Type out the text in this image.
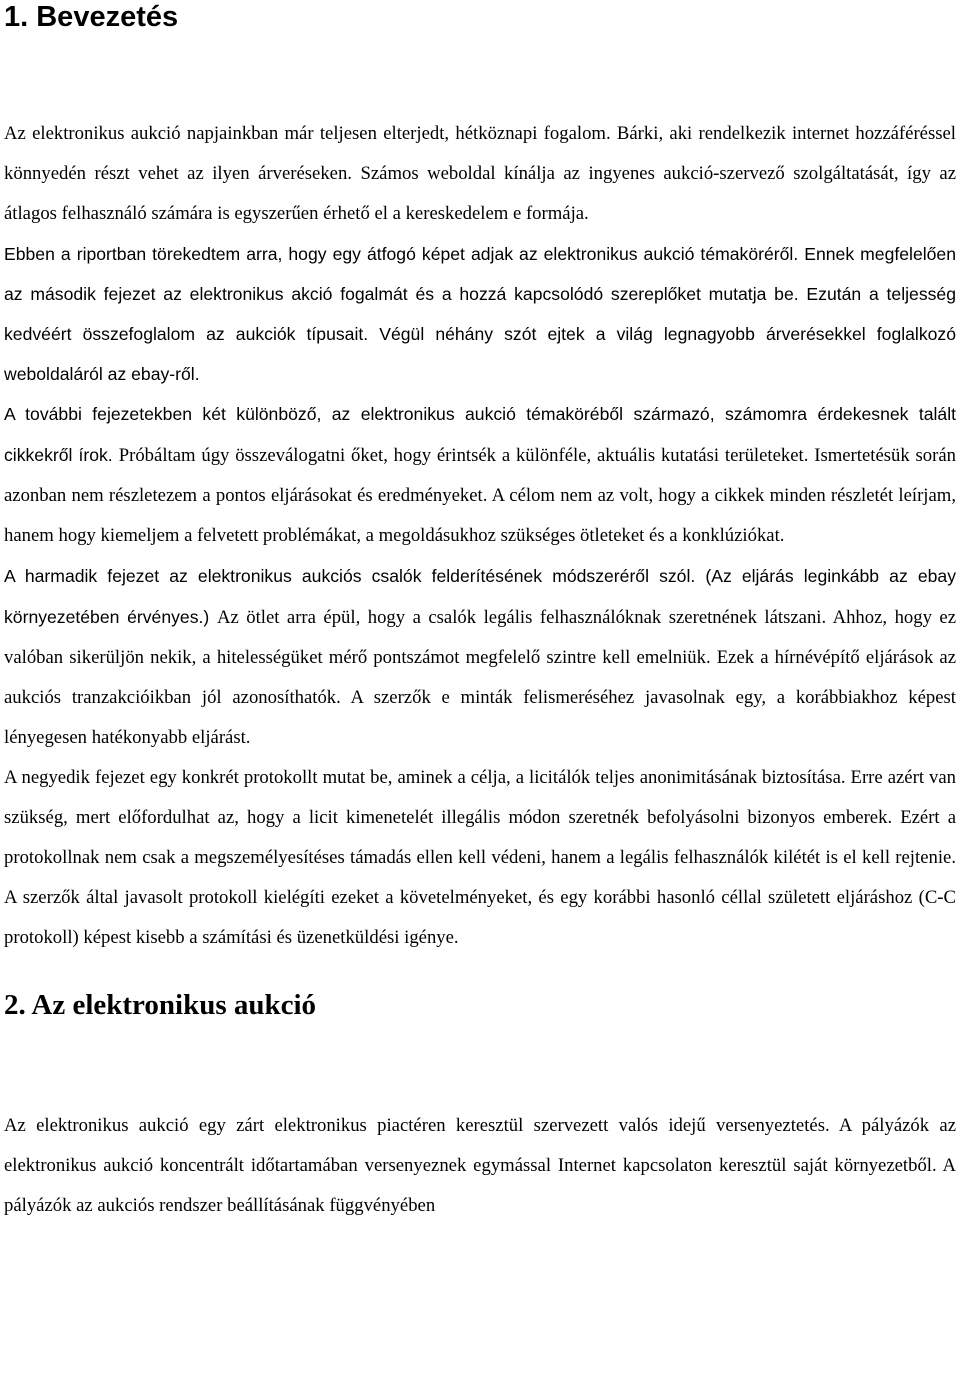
1. Bevezetés

Az elektronikus aukció napjainkban már teljesen elterjedt, hétköznapi fogalom. Bárki, aki rendelkezik internet hozzáféréssel könnyedén részt vehet az ilyen árveréseken. Számos weboldal kínálja az ingyenes aukció-szervező szolgáltatását, így az átlagos felhasználó számára is egyszerűen érhető el a kereskedelem e formája.

Ebben a riportban törekedtem arra, hogy egy átfogó képet adjak az elektronikus aukció témaköréről. Ennek megfelelően az második fejezet az elektronikus akció fogalmát és a hozzá kapcsolódó szereplőket mutatja be. Ezután a teljesség kedvéért összefoglalom az aukciók típusait. Végül néhány szót ejtek a világ legnagyobb árverésekkel foglalkozó weboldaláról az ebay-ről.

A további fejezetekben két különböző, az elektronikus aukció témaköréből származó, számomra érdekesnek talált cikkekről írok. Próbáltam úgy összeválogatni őket, hogy érintsék a különféle, aktuális kutatási területeket. Ismertetésük során azonban nem részletezem a pontos eljárásokat és eredményeket. A célom nem az volt, hogy a cikkek minden részletét leírjam, hanem hogy kiemeljem a felvetett problémákat, a megoldásukhoz szükséges ötleteket és a konklúziókat.

A harmadik fejezet az elektronikus aukciós csalók felderítésének módszeréről szól. (Az eljárás leginkább az ebay környezetében érvényes.) Az ötlet arra épül, hogy a csalók legális felhasználóknak szeretnének látszani. Ahhoz, hogy ez valóban sikerüljön nekik, a hitelességüket mérő pontszámot megfelelő szintre kell emelniük. Ezek a hírnévépítő eljárások az aukciós tranzakcióikban jól azonosíthatók. A szerzők e minták felismeréséhez javasolnak egy, a korábbiakhoz képest lényegesen hatékonyabb eljárást.

A negyedik fejezet egy konkrét protokollt mutat be, aminek a célja, a licitálók teljes anonimitásának biztosítása. Erre azért van szükség, mert előfordulhat az, hogy a licit kimenetelét illegális módon szeretnék befolyásolni bizonyos emberek. Ezért a protokollnak nem csak a megszemélyesítéses támadás ellen kell védeni, hanem a legális felhasználók kilétét is el kell rejtenie. A szerzők által javasolt protokoll kielégíti ezeket a követelményeket, és egy korábbi hasonló céllal született eljáráshoz (C-C protokoll) képest kisebb a számítási és üzenetküldési igénye.

2. Az elektronikus aukció

Az elektronikus aukció egy zárt elektronikus piactéren keresztül szervezett valós idejű versenyeztetés. A pályázók az elektronikus aukció koncentrált időtartamában versenyeznek egymással Internet kapcsolaton keresztül saját környezetből. A pályázók az aukciós rendszer beállításának függvényében
